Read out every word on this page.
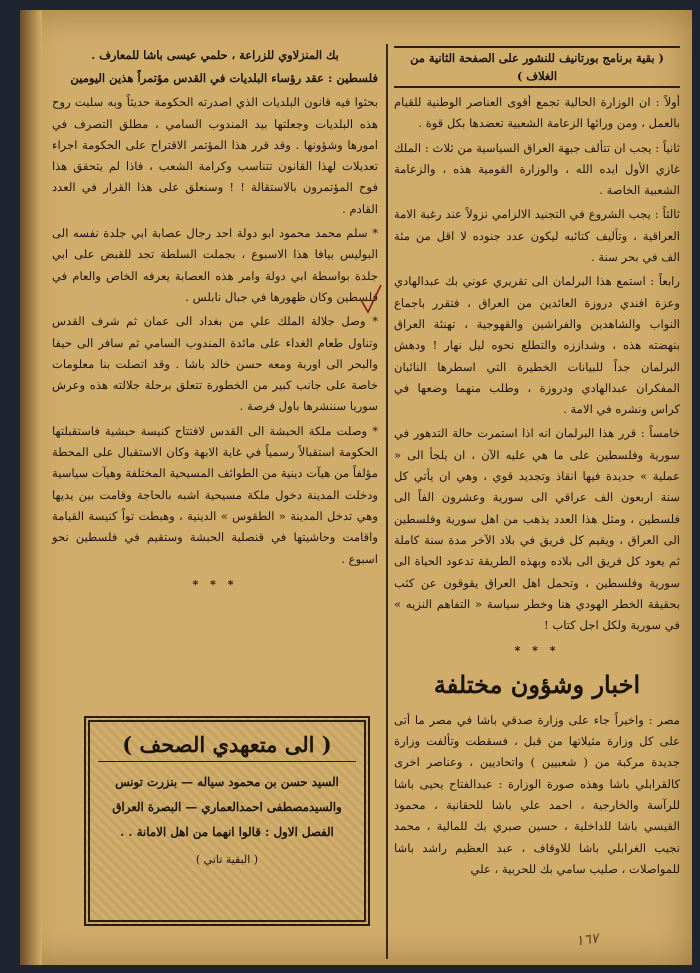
( بقية برنامج بورتانيف للنشور على الصفحة الثانية من الغلاف )

أولاً : ان الوزارة الحالية تجمع أقوى العناصر الوطنية للقيام بالعمل ، ومن ورائها الزعامة الشعبية تعضدها بكل قوة .

ثانياً : يجب ان تتألف جبهة العراق السياسية من ثلاث : الملك غازي الأول ايده الله ، والوزارة القومية هذه ، والزعامة الشعبية الخاصة .

ثالثاً : يجب الشروع في التجنيد الالزامي نزولاً عند رغبة الامة العراقية ، وتأليف كتائبه ليكون عدد جنوده لا اقل من مئة الف في بحر سنة .

رابعاً : استمع هذا البرلمان الى تقريري عوني بك عبدالهادي وعزة افندي دروزة العائدين من العراق ، فتقرر باجماع النواب والشاهدين والفراشين والقهوجية ، تهنئة العراق بنهضته هذه ، وشداززه والتطلع نحوه ليل نهار ! ودهش البرلمان جداً للبيانات الخطيرة التي اسطرها النائبان المفكران عبدالهادي ودروزة ، وطلب منهما وضعها في كراس ونشره في الامة .

خامساً : قرر هذا البرلمان انه اذا استمرت حالة التدهور في سورية وفلسطين على ما هي عليه الآن ، ان يلجأ الى « عملية » جديدة فيها انقاذ وتجديد قوي ، وهي ان يأتي كل سنة اربعون الف عراقي الى سورية وعشرون الفاً الى فلسطين ، ومثل هذا العدد يذهب من اهل سورية وفلسطين الى العراق ، ويقيم كل فريق في بلاد الآخر مدة سنة كاملة ثم يعود كل فريق الى بلاده وبهذه الطريقة تدعود الحياة الى سورية وفلسطين ، وتحمل اهل العراق يقوقون عن كثب بحقيقة الخطر الهودي هنا وخطر سياسة « التفاهم النزيه » في سورية ولكل اجل كتاب !

* * *
اخبار وشؤون مختلفة

مصر : واخيراً جاء على وزارة صدقي باشا في مصر ما أتى على كل وزارة مثيلاتها من قبل ، فسقطت وتألفت وزارة جديدة مركبة من ( شعبيين ) واتحاديين ، وعناصر اخرى كالقرابلي باشا وهذه صورة الوزارة : عبدالفتاح يحيى باشا للرآسة والخارجية ، احمد علي باشا للحقانية ، محمود القيسي باشا للداخلية ، حسين صبري بك للمالية ، محمد نجيب الغرابلي باشا للاوقاف ، عبد العظيم راشد باشا للمواصلات ، صليب سامي بك للحربية ، علي

بك المنزلاوي للزراعة ، حلمي عيسى باشا للمعارف .
فلسطين : عقد رؤساء البلديات في القدس مؤتمراً هذين اليومين

بحثوا فيه قانون البلديات الذي اصدرته الحكومة حديثاً وبه سلبت روح هذه البلديات وجعلتها بيد المندوب السامي ، مطلق التصرف في امورها وشؤونها . وقد قرر هذا المؤتمر الاقتراح على الحكومة اجراء تعديلات لهذا القانون تتناسب وكرامة الشعب ، فاذا لم يتحقق هذا فوح المؤتمرون بالاستقالة ! ! وسنعلق على هذا القرار في العدد القادم .

* سلم محمد محمود ابو دولة احد رجال عصابة ابي جلدة نفسه الى البوليس بيافا هذا الاسبوع ، بجملت السلطة تجد للقبض على ابي جلدة بواسطة ابي دولة وامر هذه العصابة يعرفه الخاص والعام في فلسطين وكان ظهورها في جبال نابلس .

* وصل جلالة الملك علي من بغداد الى عمان ثم شرف القدس وتناول طعام الغداء على مائدة المندوب السامي ثم سافر الى حيفا والبحر الى اوربة ومعه حسن خالد باشا . وقد اتصلت بنا معلومات خاصة على جانب كبير من الخطورة تتعلق برحلة جلالته هذه وعرش سوريا سننشرها باول فرصة .

* وصلت ملكة الحبشة الى القدس لافتتاح كنيسة حبشية فاستقبلتها الحكومة استقبالاً رسمياً في غاية الابهة وكان الاستقبال على المحطة مؤلفاً من هيآت دينية من الطوائف المسيحية المختلفة وهيآت سياسية ودخلت المدينة دخول ملكة مسيحية اشبه بالحاجة وقامت بين يديها وهي تدخل المدينة « الطقوس » الدينية ، وهبطت تواً كنيسة القيامة واقامت وحاشيتها في قنصلية الحبشة وستقيم في فلسطين نحو اسبوع .

* * *
( الى متعهدي الصحف )
السيد حسن بن محمود سياله — بنزرت تونس
والسيدمصطفى احمدالعماري — البصرة العراق
الفصل الاول : قالوا انهما من اهل الامانة . .
( البقية تاتي )
١٦٧
